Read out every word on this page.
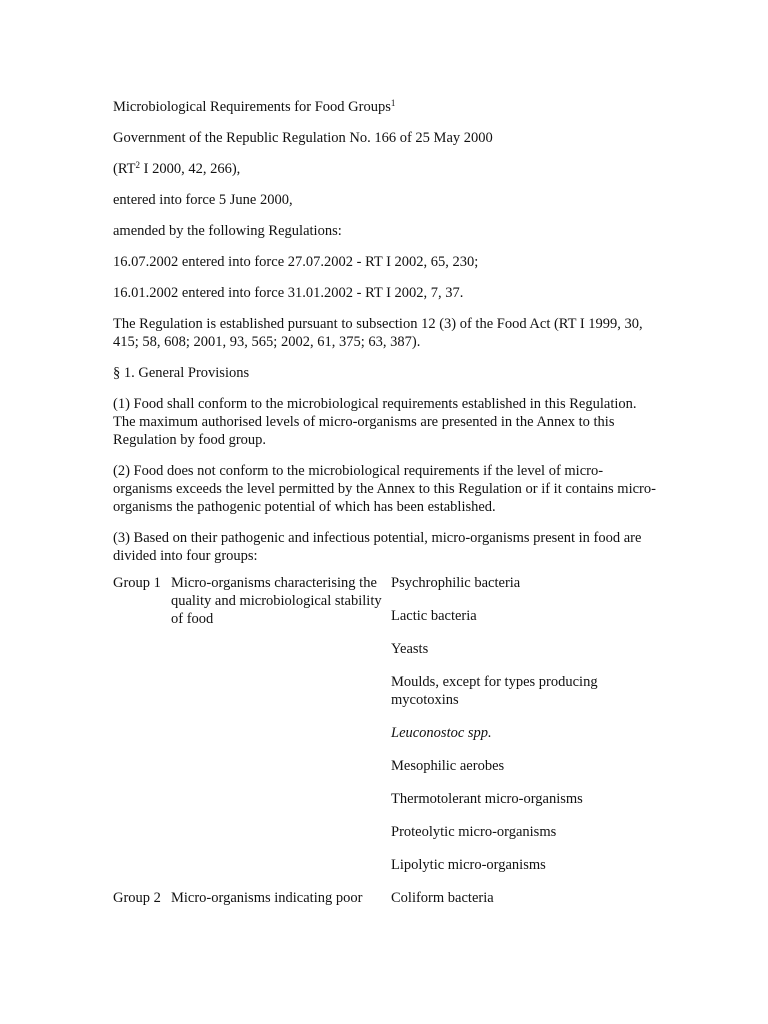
Microbiological Requirements for Food Groups$^1$

Government of the Republic Regulation No. 166 of 25 May 2000

($RT^2$ I 2000, 42, 266),

entered into force 5 June 2000,

amended by the following Regulations:

16.07.2002 entered into force 27.07.2002 - RT I 2002, 65, 230;

16.01.2002 entered into force 31.01.2002 - RT I 2002, 7, 37.

The Regulation is established pursuant to subsection 12 (3) of the Food Act (RT I 1999, 30, 415; 58, 608; 2001, 93, 565; 2002, 61, 375; 63, 387).

§ 1. General Provisions

(1) Food shall conform to the microbiological requirements established in this Regulation. The maximum authorised levels of micro-organisms are presented in the Annex to this Regulation by food group.

(2) Food does not conform to the microbiological requirements if the level of micro-organisms exceeds the level permitted by the Annex to this Regulation or if it contains micro-organisms the pathogenic potential of which has been established.

(3) Based on their pathogenic and infectious potential, micro-organisms present in food are divided into four groups:

Group 1 Micro-organisms characterising the quality and microbiological stability of food
Psychrophilic bacteria
Lactic bacteria
Yeasts
Moulds, except for types producing mycotoxins
Leuconostoc spp.
Mesophilic aerobes
Thermotolerant micro-organisms
Proteolytic micro-organisms
Lipolytic micro-organisms
Group 2 Micro-organisms indicating poor	Coliform bacteria
